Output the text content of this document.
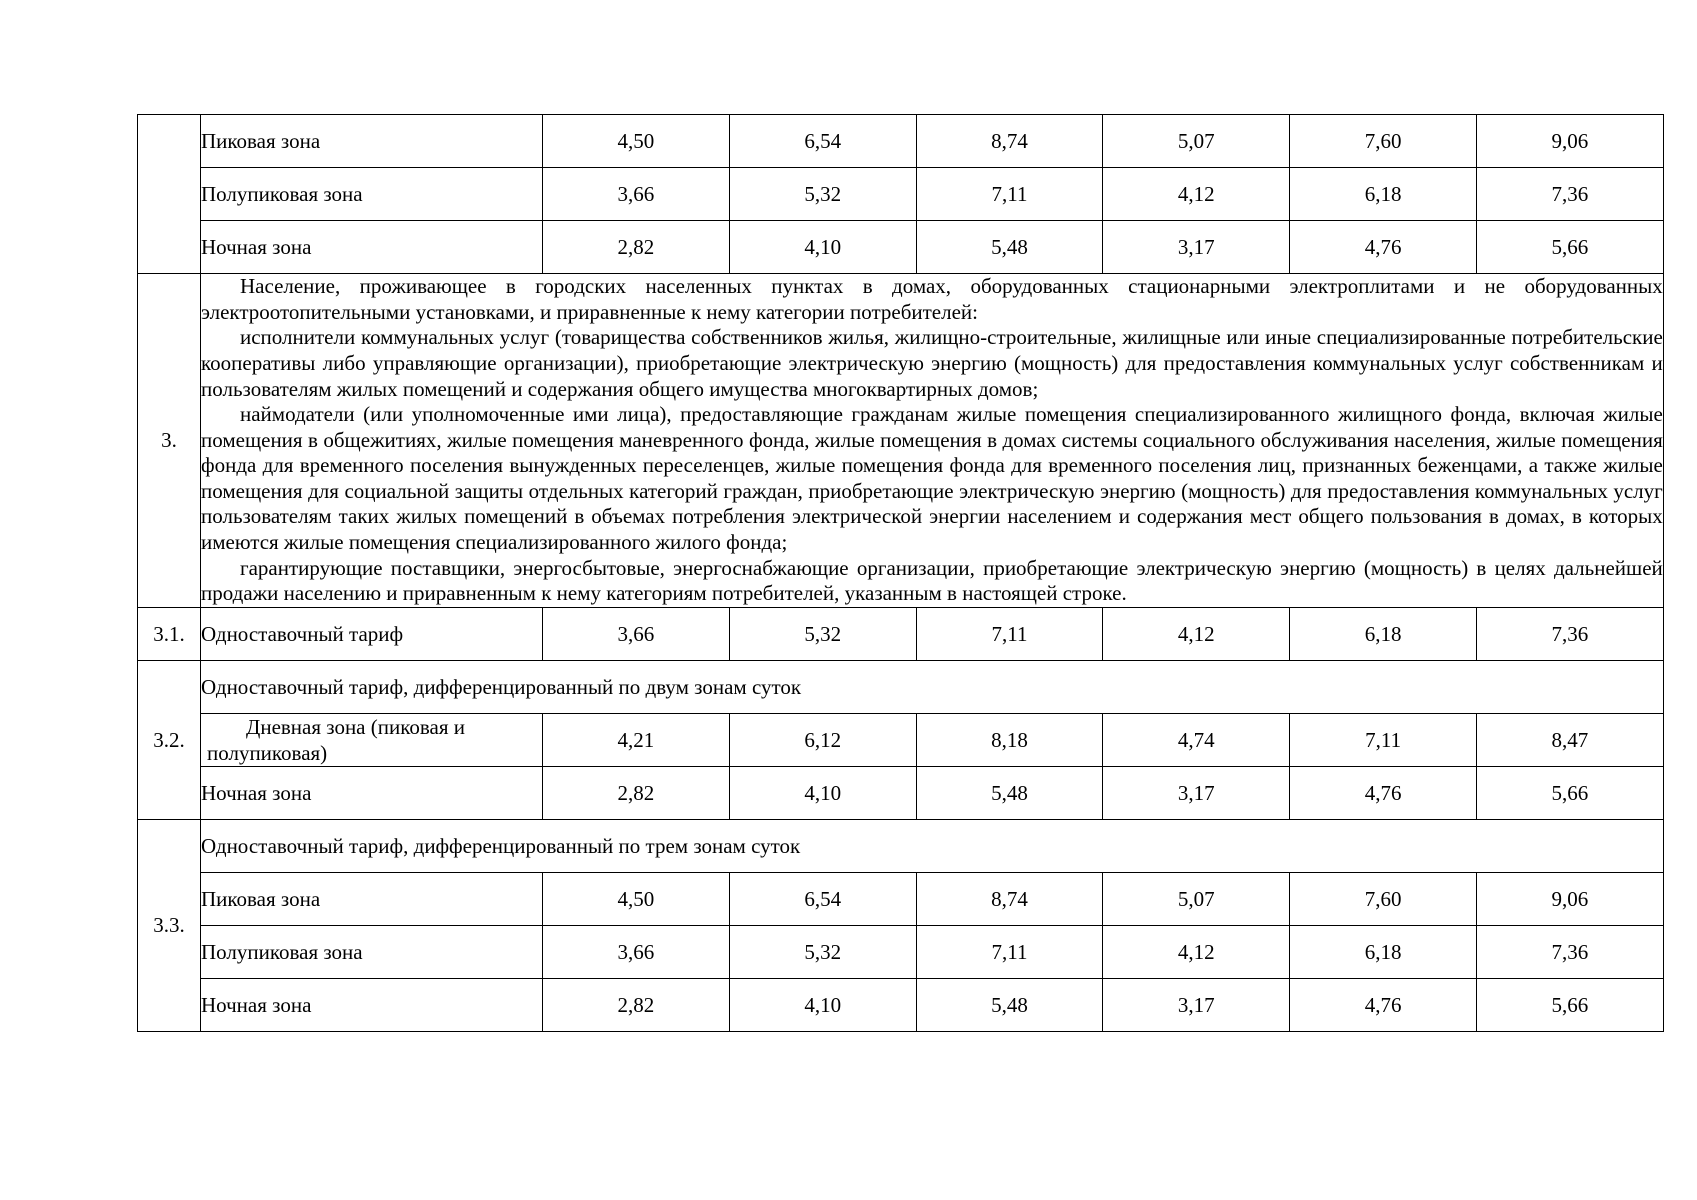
	Пиковая зона	4,50	6,54	8,74	5,07	7,60	9,06
	Полупиковая зона	3,66	5,32	7,11	4,12	6,18	7,36
	Ночная зона	2,82	4,10	5,48	3,17	4,76	5,66
3.	Население, проживающее в городских населенных пунктах в домах, оборудованных стационарными электроплитами и не оборудованных электроотопительными установками, и приравненные к нему категории потребителей:

исполнители коммунальных услуг (товарищества собственников жилья, жилищно-строительные, жилищные или иные специализированные потребительские кооперативы либо управляющие организации), приобретающие электрическую энергию (мощность) для предоставления коммунальных услуг собственникам и пользователям жилых помещений и содержания общего имущества многоквартирных домов;

наймодатели (или уполномоченные ими лица), предоставляющие гражданам жилые помещения специализированного жилищного фонда, включая жилые помещения в общежитиях, жилые помещения маневренного фонда, жилые помещения в домах системы социального обслуживания населения, жилые помещения фонда для временного поселения вынужденных переселенцев, жилые помещения фонда для временного поселения лиц, признанных беженцами, а также жилые помещения для социальной защиты отдельных категорий граждан, приобретающие электрическую энергию (мощность) для предоставления коммунальных услуг пользователям таких жилых помещений в объемах потребления электрической энергии населением и содержания мест общего пользования в домах, в которых имеются жилые помещения специализированного жилого фонда;

гарантирующие поставщики, энергосбытовые, энергоснабжающие организации, приобретающие электрическую энергию (мощность) в целях дальнейшей продажи населению и приравненным к нему категориям потребителей, указанным в настоящей строке.						

3.1.	Одноставочный тариф	3,66	5,32	7,11	4,12	6,18	7,36
3.2.	Одноставочный тариф, дифференцированный по двум зонам суток						
	Дневная зона (пиковая и полупиковая)	4,21	6,12	8,18	4,74	7,11	8,47
	Ночная зона	2,82	4,10	5,48	3,17	4,76	5,66
3.3.	Одноставочный тариф, дифференцированный по трем зонам суток						
	Пиковая зона	4,50	6,54	8,74	5,07	7,60	9,06
	Полупиковая зона	3,66	5,32	7,11	4,12	6,18	7,36
	Ночная зона	2,82	4,10	5,48	3,17	4,76	5,66
